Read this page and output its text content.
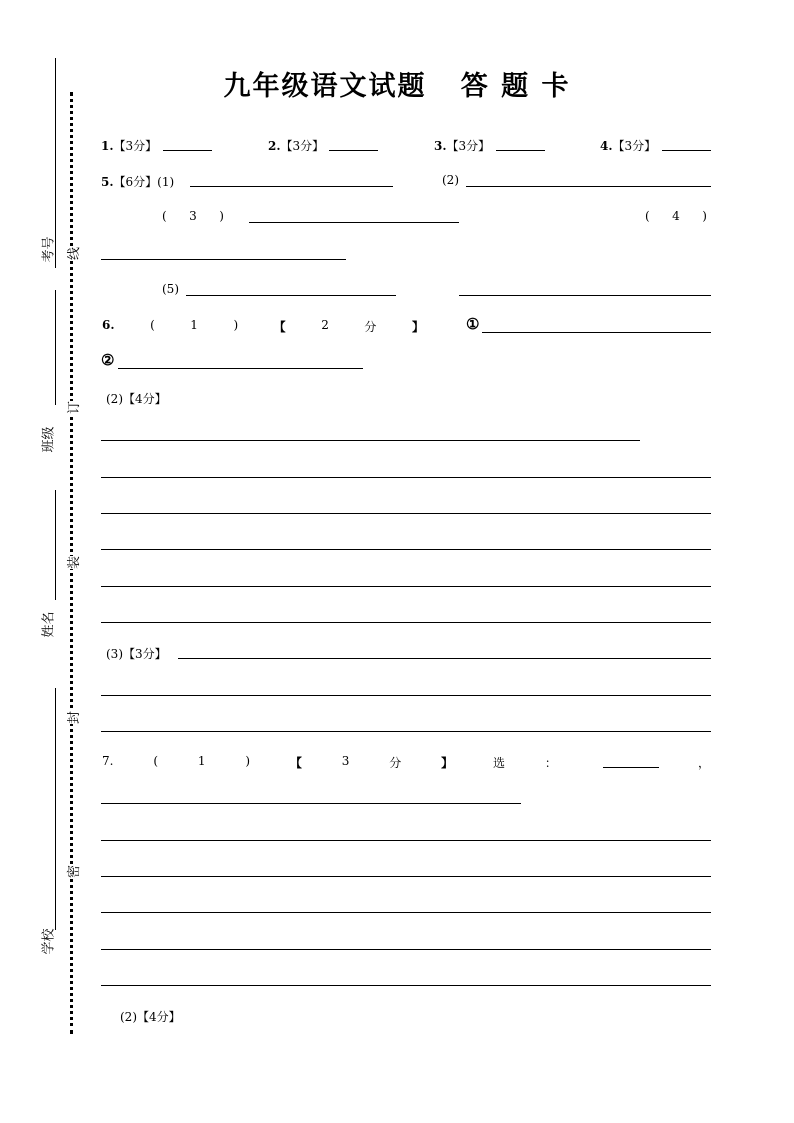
九年级语文试题 答 题 卡
考号
班级
姓名
学校
线
订
装
封
密
1.【3分】	2.【3分】	3.【3分】	4.【3分】
5.【6分】(1)	(2)
( 3 )	( 4 )
(5)
6.	(	1	)	【	2	分	】	①
②
(2)【4分】
(3)【3分】
7.	(	1	)	【	3	分	】	选	：	，
(2)【4分】
